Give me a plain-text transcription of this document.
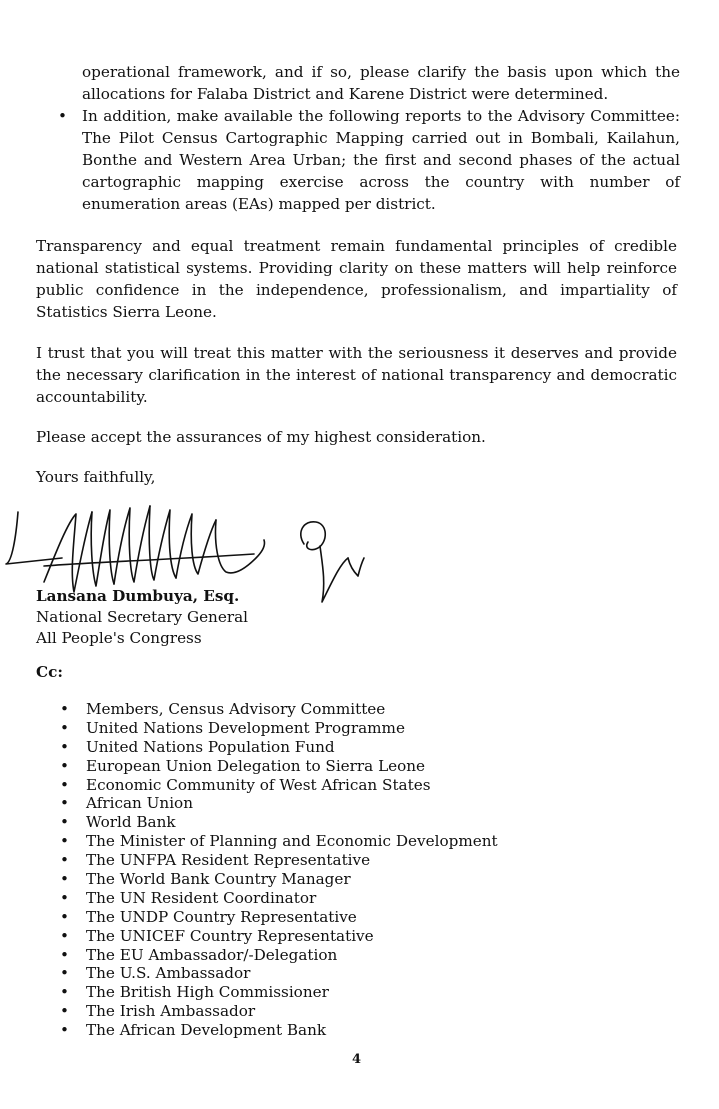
operational framework, and if so, please clarify the basis upon which the allocations for Falaba District and Karene District were determined.
• In addition, make available the following reports to the Advisory Committee: The Pilot Census Cartographic Mapping carried out in Bombali, Kailahun, Bonthe and Western Area Urban; the first and second phases of the actual cartographic mapping exercise across the country with number of enumeration areas (EAs) mapped per district.

Transparency and equal treatment remain fundamental principles of credible national statistical systems. Providing clarity on these matters will help reinforce public confidence in the independence, professionalism, and impartiality of Statistics Sierra Leone.

I trust that you will treat this matter with the seriousness it deserves and provide the necessary clarification in the interest of national transparency and democratic accountability.

Please accept the assurances of my highest consideration.

Yours faithfully,

Lansana Dumbuya, Esq.
National Secretary General
All People's Congress
Cc:
• Members, Census Advisory Committee
• United Nations Development Programme
• United Nations Population Fund
• European Union Delegation to Sierra Leone
• Economic Community of West African States
• African Union
• World Bank
• The Minister of Planning and Economic Development
• The UNFPA Resident Representative
• The World Bank Country Manager
• The UN Resident Coordinator
• The UNDP Country Representative
• The UNICEF Country Representative
• The EU Ambassador/-Delegation
• The U.S. Ambassador
• The British High Commissioner
• The Irish Ambassador
• The African Development Bank
4
